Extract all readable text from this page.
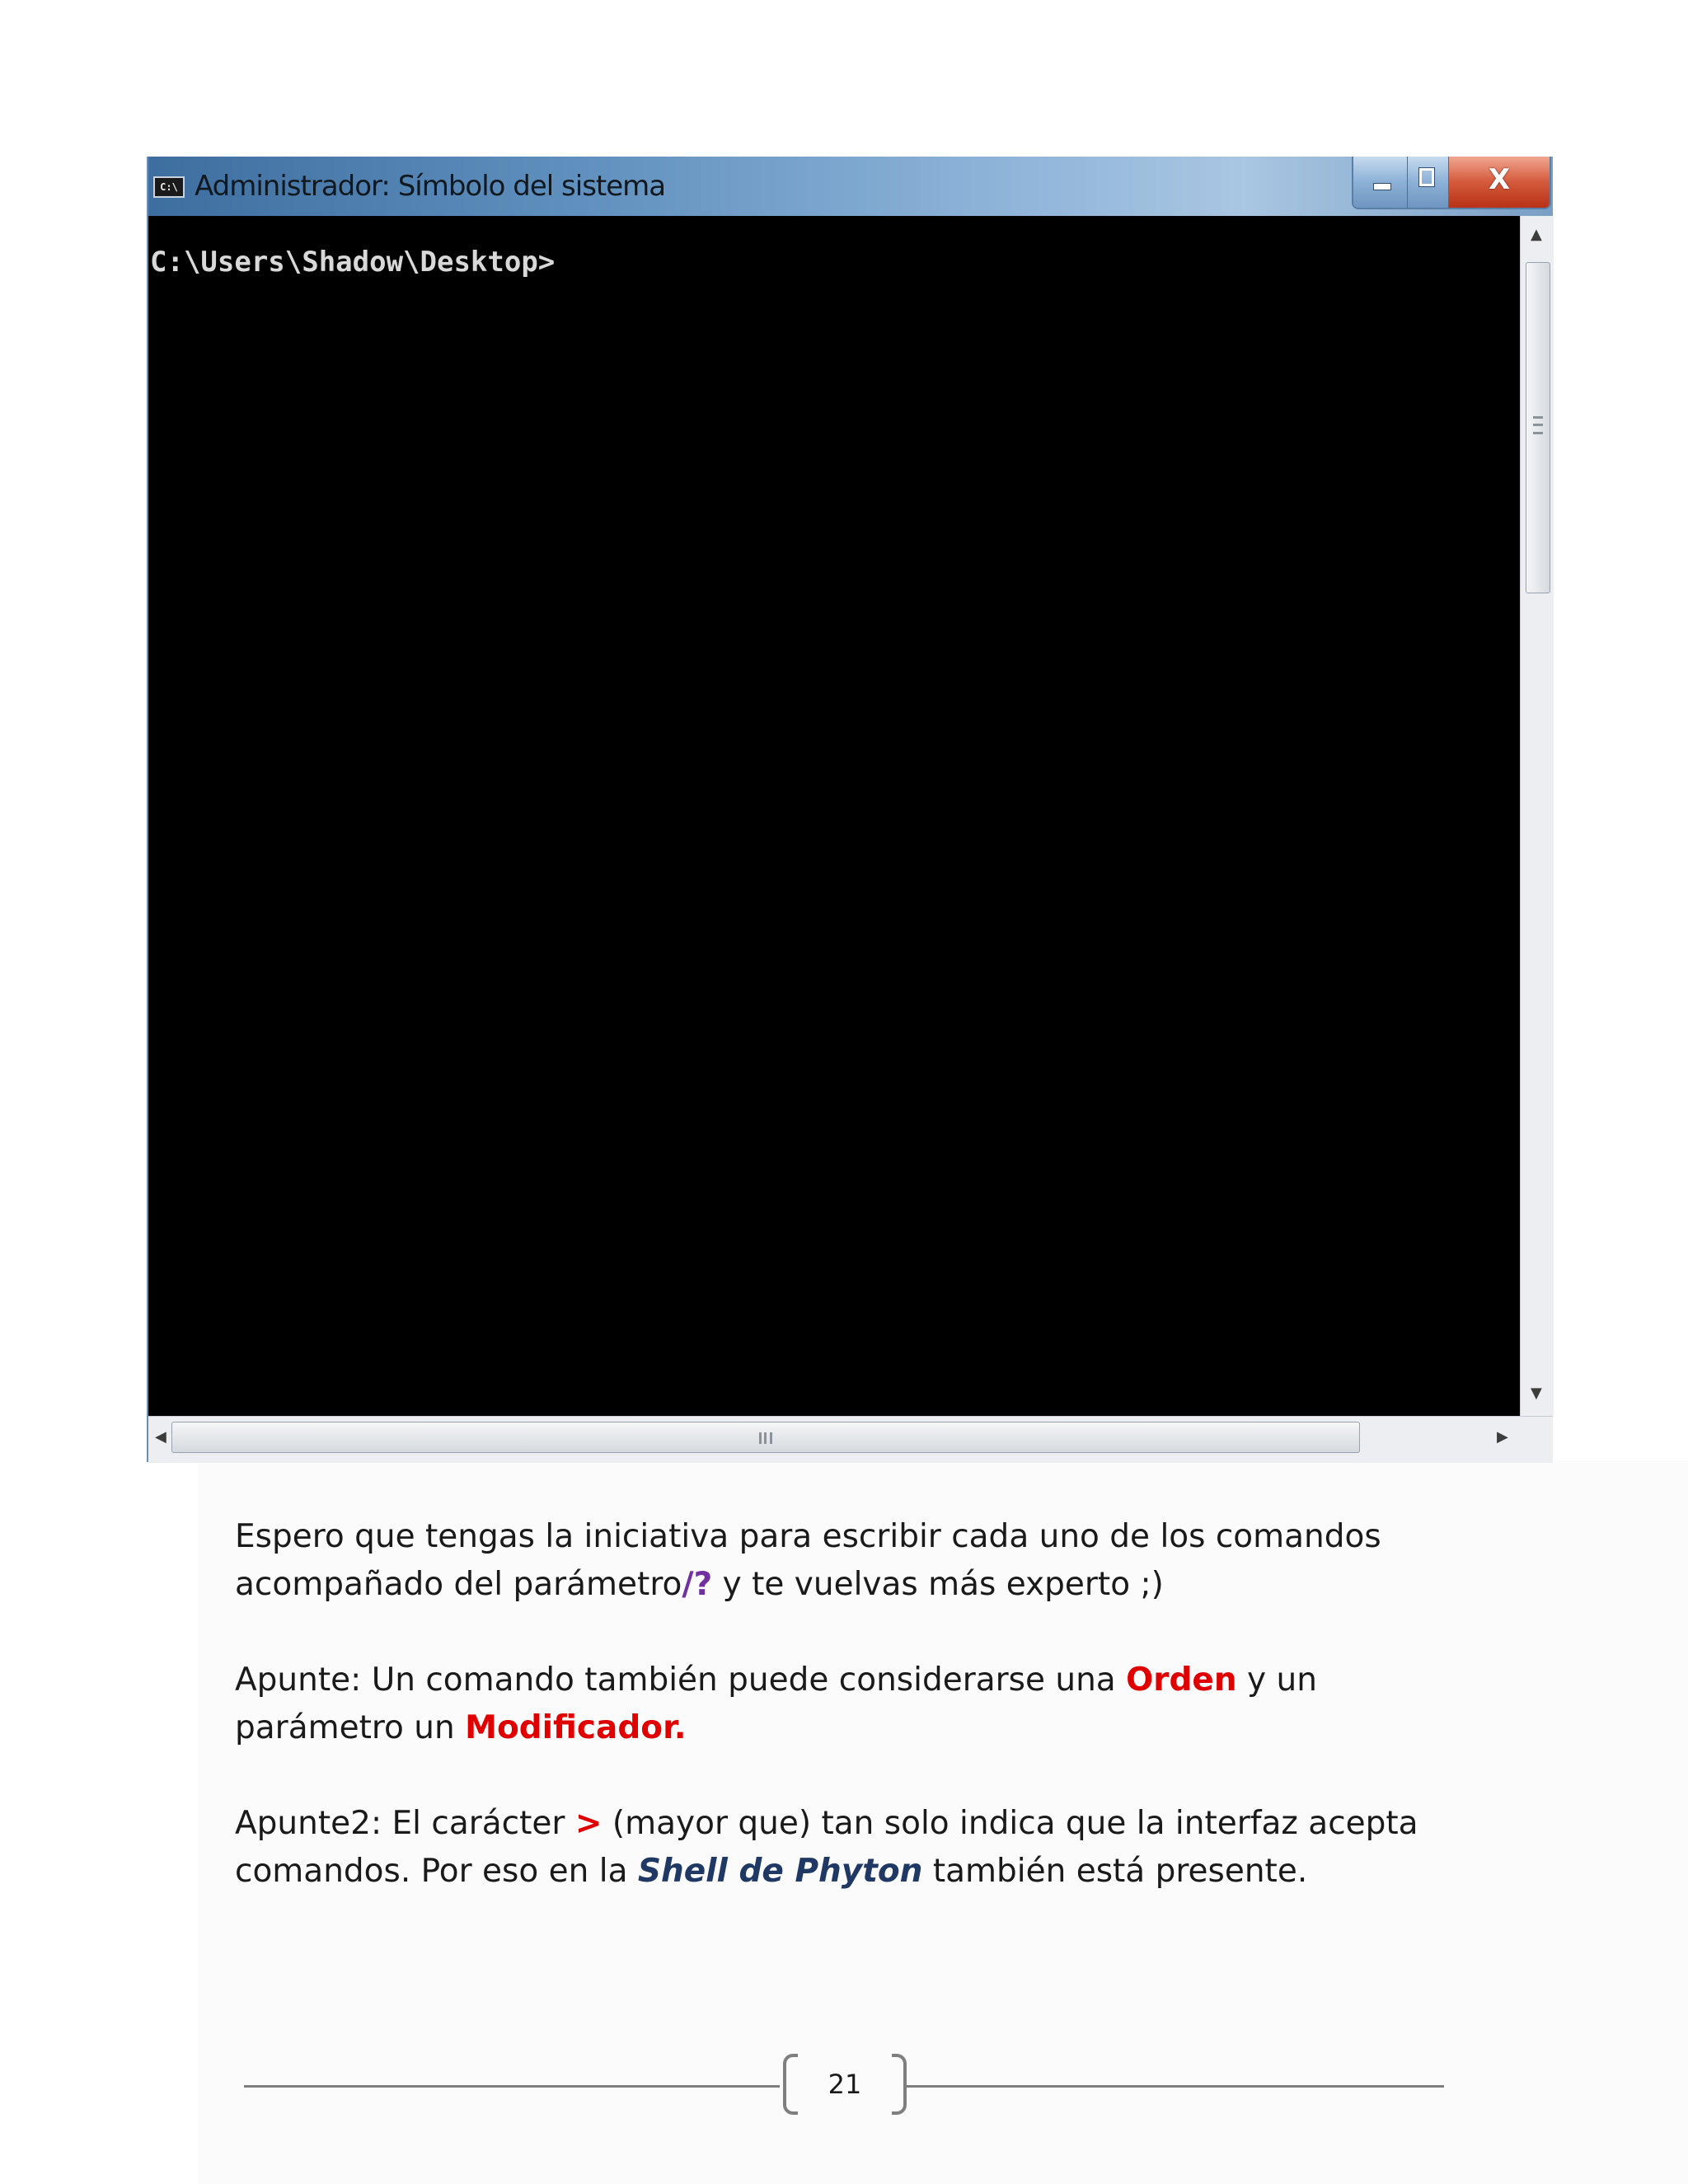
C:\ Administrador: Símbolo del sistema	X
C:\Users\Shadow\Desktop>
▲
▼
◀	▶

Espero que tengas la iniciativa para escribir cada uno de los comandos acompañado del parámetro/? y te vuelvas más experto ;)

Apunte: Un comando también puede considerarse una Orden y un parámetro un Modificador.

Apunte2: El carácter > (mayor que) tan solo indica que la interfaz acepta comandos. Por eso en la Shell de Phyton también está presente.

21
